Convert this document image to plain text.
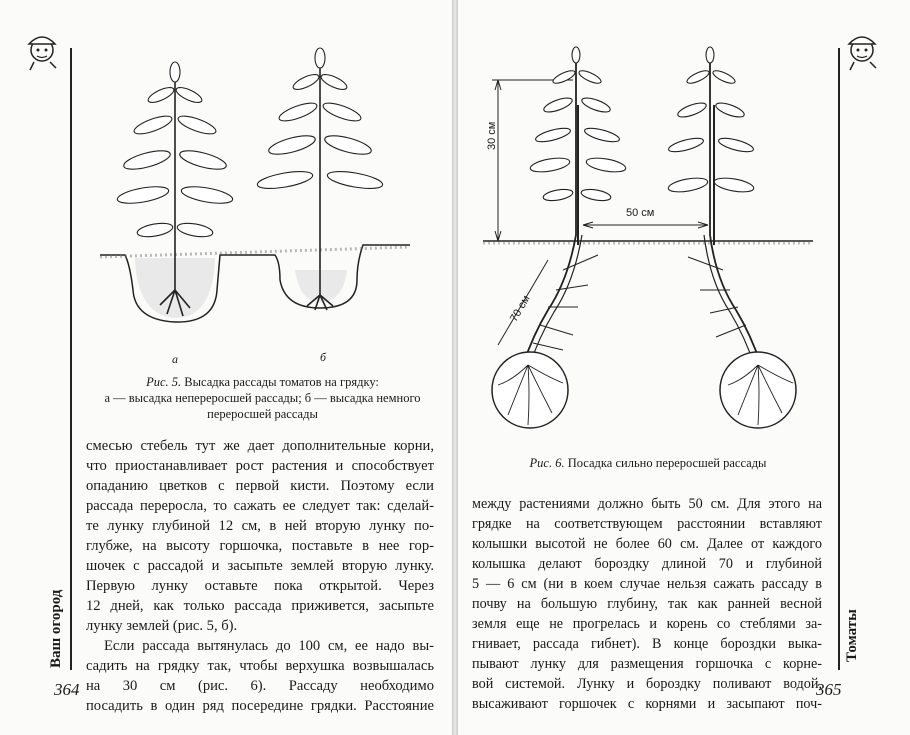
Ваш огород
364
а	б
Рис. 5. Высадка рассады томатов на грядку:
а — высадка непереросшей рассады; б — высадка немного
переросшей рассады
смесью стебель тут же дает дополнительные корни,
что приостанавливает рост растения и способствует
опаданию цветков с первой кисти. Поэтому если
рассада переросла, то сажать ее следует так: сделай-
те лунку глубиной 12 см, в ней вторую лунку по-
глубже, на высоту горшочка, поставьте в нее гор-
шочек с рассадой и засыпьте землей вторую лунку.
Первую лунку оставьте пока открытой. Через
12 дней, как только рассада приживется, засыпьте
лунку землей (рис. 5, б).
Если рассада вытянулась до 100 см, ее надо вы-
садить на грядку так, чтобы верхушка возвышалась
на 30 см (рис. 6). Рассаду необходимо
посадить в один ряд посередине грядки. Расстояние
Томаты
365
30 см
50 см
70 см
Рис. 6. Посадка сильно переросшей рассады
между растениями должно быть 50 см. Для этого на
грядке на соответствующем расстоянии вставляют
колышки высотой не более 60 см. Далее от каждого
колышка делают бороздку длиной 70 и глубиной
5 — 6 см (ни в коем случае нельзя сажать рассаду в
почву на большую глубину, так как ранней весной
земля еще не прогрелась и корень со стеблями за-
гнивает, рассада гибнет). В конце бороздки выка-
пывают лунку для размещения горшочка с корне-
вой системой. Лунку и бороздку поливают водой,
высаживают горшочек с корнями и засыпают поч-
